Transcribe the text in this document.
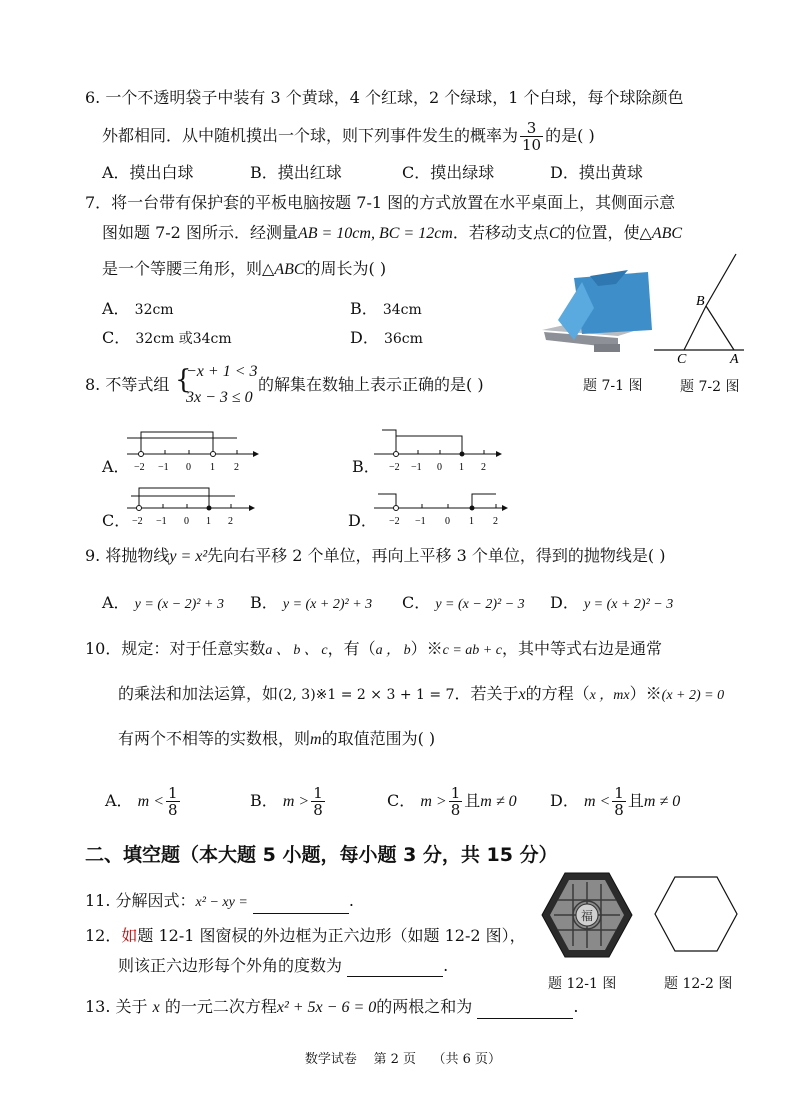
6. 一个不透明袋子中装有 3 个黄球，4 个红球，2 个绿球，1 个白球，每个球除颜色
外都相同．从中随机摸出一个球，则下列事件发生的概率为 $\frac{3}{10}$ 的是( )
A．摸出白球	B．摸出红球	C．摸出绿球	D．摸出黄球
7．将一台带有保护套的平板电脑按题 7-1 图的方式放置在水平桌面上，其侧面示意
图如题 7-2 图所示．经测量AB = 10cm, BC = 12cm．若移动支点C的位置，使△ABC
是一个等腰三角形，则△ABC的周长为( )
A． 32cm	B． 34cm
C． 32cm 或34cm	D． 36cm
B
C	A
题 7-1 图	题 7-2 图
8. 不等式组 {
−x + 1 < 3
3x − 3 ≤ 0
的解集在数轴上表示正确的是( )
A．	B．
C．	D．
−2 −1 0 1 2	−2 −1 0 1 2
−2 −1 0 1 2	−2 −1 0 1 2
9. 将抛物线y = x²先向右平移 2 个单位，再向上平移 3 个单位，得到的抛物线是( )
A． y = (x − 2)² + 3 B． y = (x + 2)² + 3 C． y = (x − 2)² − 3 D． y = (x + 2)² − 3
10．规定：对于任意实数a 、 b 、 c，有（a ， b）※c = ab + c，其中等式右边是通常
的乘法和加法运算，如(2, 3)※1 = 2 × 3 + 1 = 7．若关于x的方程（x ，mx）※(x + 2) = 0
有两个不相等的实数根，则m的取值范围为( )
A． $m < \frac{1}{8}$	B． $m > \frac{1}{8}$	C． $m > \frac{1}{8}$ 且m ≠ 0 D． $m < \frac{1}{8}$ 且m ≠ 0
二、填空题（本大题 5 小题，每小题 3 分，共 15 分）
11. 分解因式：x² − xy =	.
12．如题 12-1 图窗棂的外边框为正六边形（如题 12-2 图），
则该正六边形每个外角的度数为	.
福
题 12-1 图	题 12-2 图
13. 关于 x 的一元二次方程x² + 5x − 6 = 0的两根之和为	.
数学试卷    第 2 页    （共 6 页）
